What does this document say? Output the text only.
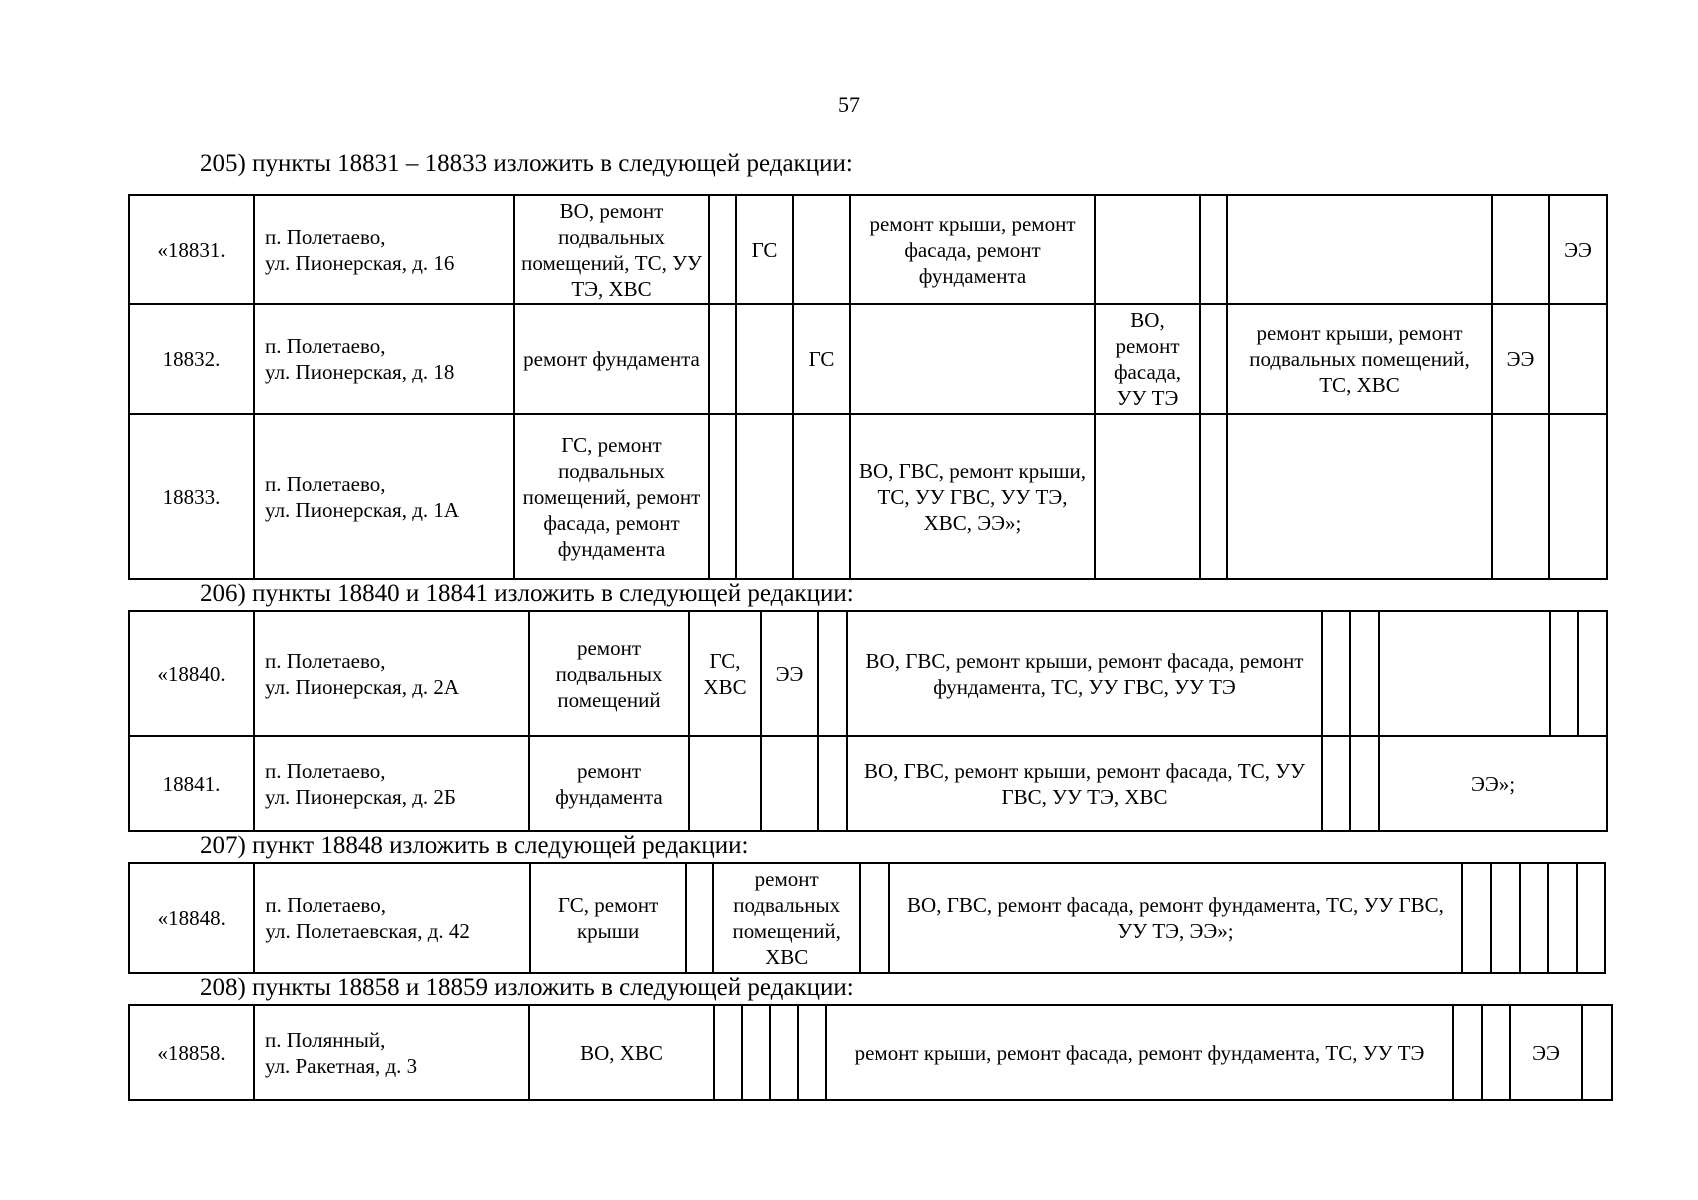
57
205) пункты 18831 – 18833 изложить в следующей редакции:
«18831.	п. Полетаево,
ул. Пионерская, д. 16	ВО, ремонт подвальных помещений, ТС, УУ ТЭ, ХВС		ГС		ремонт крыши, ремонт фасада, ремонт фундамента					ЭЭ
18832.	п. Полетаево,
ул. Пионерская, д. 18	ремонт фундамента			ГС		ВО, ремонт фасада, УУ ТЭ		ремонт крыши, ремонт подвальных помещений, ТС, ХВС	ЭЭ	
18833.	п. Полетаево,
ул. Пионерская, д. 1А	ГС, ремонт подвальных помещений, ремонт фасада, ремонт фундамента				ВО, ГВС, ремонт крыши, ТС, УУ ГВС, УУ ТЭ, ХВС, ЭЭ»;					
206) пункты 18840 и 18841 изложить в следующей редакции:
«18840.	п. Полетаево,
ул. Пионерская, д. 2А	ремонт подвальных помещений	ГС, ХВС	ЭЭ		ВО, ГВС, ремонт крыши, ремонт фасада, ремонт фундамента, ТС, УУ ГВС, УУ ТЭ					
18841.	п. Полетаево,
ул. Пионерская, д. 2Б	ремонт фундамента				ВО, ГВС, ремонт крыши, ремонт фасада, ТС, УУ ГВС, УУ ТЭ, ХВС			ЭЭ»;		
207) пункт 18848 изложить в следующей редакции:
«18848.	п. Полетаево,
ул. Полетаевская, д. 42	ГС, ремонт крыши		ремонт подвальных помещений, ХВС		ВО, ГВС, ремонт фасада, ремонт фундамента, ТС, УУ ГВС, УУ ТЭ, ЭЭ»;					
208) пункты 18858 и 18859 изложить в следующей редакции:
«18858.	п. Полянный,
ул. Ракетная, д. 3	ВО, ХВС					ремонт крыши, ремонт фасада, ремонт фундамента, ТС, УУ ТЭ			ЭЭ	
